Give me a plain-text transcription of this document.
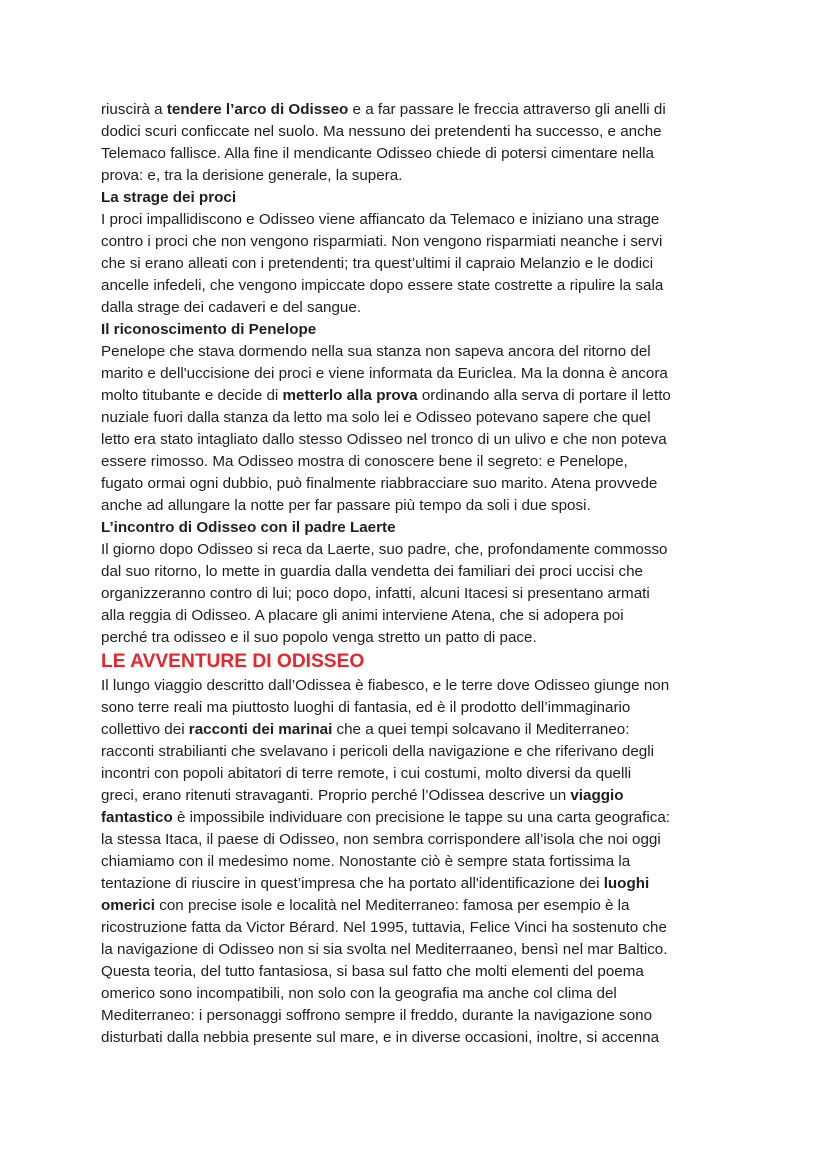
riuscirà a tendere l’arco di Odisseo e a far passare le freccia attraverso gli anelli di
dodici scuri conficcate nel suolo. Ma nessuno dei pretendenti ha successo, e anche
Telemaco fallisce. Alla fine il mendicante Odisseo chiede di potersi cimentare nella
prova: e, tra la derisione generale, la supera.
La strage dei proci
I proci impallidiscono e Odisseo viene affiancato da Telemaco e iniziano una strage
contro i proci che non vengono risparmiati. Non vengono risparmiati neanche i servi
che si erano alleati con i pretendenti; tra quest’ultimi il capraio Melanzio e le dodici
ancelle infedeli, che vengono impiccate dopo essere state costrette a ripulire la sala
dalla strage dei cadaveri e del sangue.
Il riconoscimento di Penelope
Penelope che stava dormendo nella sua stanza non sapeva ancora del ritorno del
marito e dell'uccisione dei proci e viene informata da Euriclea. Ma la donna è ancora
molto titubante e decide di metterlo alla prova ordinando alla serva di portare il letto
nuziale fuori dalla stanza da letto ma solo lei e Odisseo potevano sapere che quel
letto era stato intagliato dallo stesso Odisseo nel tronco di un ulivo e che non poteva
essere rimosso. Ma Odisseo mostra di conoscere bene il segreto: e Penelope,
fugato ormai ogni dubbio, può finalmente riabbracciare suo marito. Atena provvede
anche ad allungare la notte per far passare più tempo da soli i due sposi.
L’incontro di Odisseo con il padre Laerte
Il giorno dopo Odisseo si reca da Laerte, suo padre, che, profondamente commosso
dal suo ritorno, lo mette in guardia dalla vendetta dei familiari dei proci uccisi che
organizzeranno contro di lui; poco dopo, infatti, alcuni Itacesi si presentano armati
alla reggia di Odisseo. A placare gli animi interviene Atena, che si adopera poi
perché tra odisseo e il suo popolo venga stretto un patto di pace.
LE AVVENTURE DI ODISSEO
Il lungo viaggio descritto dall’Odissea è fiabesco, e le terre dove Odisseo giunge non
sono terre reali ma piuttosto luoghi di fantasia, ed è il prodotto dell’immaginario
collettivo dei racconti dei marinai che a quei tempi solcavano il Mediterraneo:
racconti strabilianti che svelavano i pericoli della navigazione e che riferivano degli
incontri con popoli abitatori di terre remote, i cui costumi, molto diversi da quelli
greci, erano ritenuti stravaganti. Proprio perché l’Odissea descrive un viaggio
fantastico è impossibile individuare con precisione le tappe su una carta geografica:
la stessa Itaca, il paese di Odisseo, non sembra corrispondere all’isola che noi oggi
chiamiamo con il medesimo nome. Nonostante ciò è sempre stata fortissima la
tentazione di riuscire in quest’impresa che ha portato all'identificazione dei luoghi
omerici con precise isole e località nel Mediterraneo: famosa per esempio è la
ricostruzione fatta da Victor Bérard. Nel 1995, tuttavia, Felice Vinci ha sostenuto che
la navigazione di Odisseo non si sia svolta nel Mediterraaneo, bensì nel mar Baltico.
Questa teoria, del tutto fantasiosa, si basa sul fatto che molti elementi del poema
omerico sono incompatibili, non solo con la geografia ma anche col clima del
Mediterraneo: i personaggi soffrono sempre il freddo, durante la navigazione sono
disturbati dalla nebbia presente sul mare, e in diverse occasioni, inoltre, si accenna
